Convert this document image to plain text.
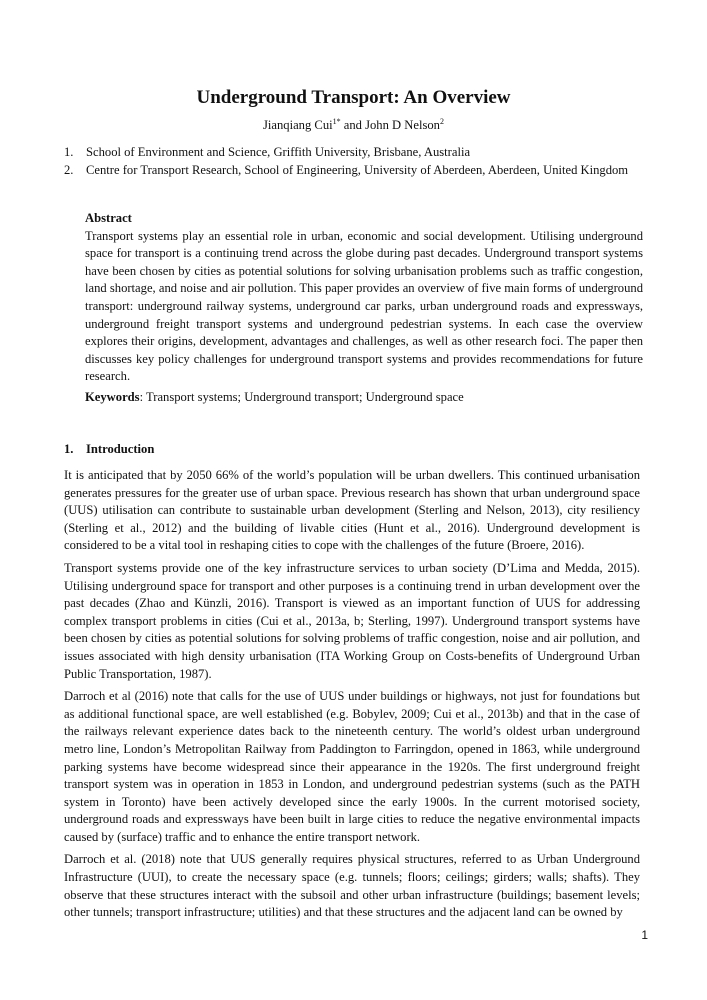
Underground Transport: An Overview
Jianqiang Cui$^{1*}$ and John D Nelson$^2$
1. School of Environment and Science, Griffith University, Brisbane, Australia
2. Centre for Transport Research, School of Engineering, University of Aberdeen, Aberdeen, United Kingdom
Abstract
Transport systems play an essential role in urban, economic and social development. Utilising underground space for transport is a continuing trend across the globe during past decades. Underground transport systems have been chosen by cities as potential solutions for solving urbanisation problems such as traffic congestion, land shortage, and noise and air pollution. This paper provides an overview of five main forms of underground transport: underground railway systems, underground car parks, urban underground roads and expressways, underground freight transport systems and underground pedestrian systems. In each case the overview explores their origins, development, advantages and challenges, as well as other research foci. The paper then discusses key policy challenges for underground transport systems and provides recommendations for future research.
Keywords: Transport systems; Underground transport; Underground space
1. Introduction

It is anticipated that by 2050 66% of the world’s population will be urban dwellers. This continued urbanisation generates pressures for the greater use of urban space. Previous research has shown that urban underground space (UUS) utilisation can contribute to sustainable urban development (Sterling and Nelson, 2013), city resiliency (Sterling et al., 2012) and the building of livable cities (Hunt et al., 2016). Underground development is considered to be a vital tool in reshaping cities to cope with the challenges of the future (Broere, 2016).

Transport systems provide one of the key infrastructure services to urban society (D’Lima and Medda, 2015). Utilising underground space for transport and other purposes is a continuing trend in urban development over the past decades (Zhao and Künzli, 2016). Transport is viewed as an important function of UUS for addressing complex transport problems in cities (Cui et al., 2013a, b; Sterling, 1997). Underground transport systems have been chosen by cities as potential solutions for solving problems of traffic congestion, noise and air pollution, and issues associated with high density urbanisation (ITA Working Group on Costs-benefits of Underground Urban Public Transportation, 1987).

Darroch et al (2016) note that calls for the use of UUS under buildings or highways, not just for foundations but as additional functional space, are well established (e.g. Bobylev, 2009; Cui et al., 2013b) and that in the case of the railways relevant experience dates back to the nineteenth century. The world’s oldest urban underground metro line, London’s Metropolitan Railway from Paddington to Farringdon, opened in 1863, while underground parking systems have become widespread since their appearance in the 1920s. The first underground freight transport system was in operation in 1853 in London, and underground pedestrian systems (such as the PATH system in Toronto) have been actively developed since the early 1900s. In the current motorised society, underground roads and expressways have been built in large cities to reduce the negative environmental impacts caused by (surface) traffic and to enhance the entire transport network.

Darroch et al. (2018) note that UUS generally requires physical structures, referred to as Urban Underground Infrastructure (UUI), to create the necessary space (e.g. tunnels; floors; ceilings; girders; walls; shafts). They observe that these structures interact with the subsoil and other urban infrastructure (buildings; basement levels; other tunnels; transport infrastructure; utilities) and that these structures and the adjacent land can be owned by

1
